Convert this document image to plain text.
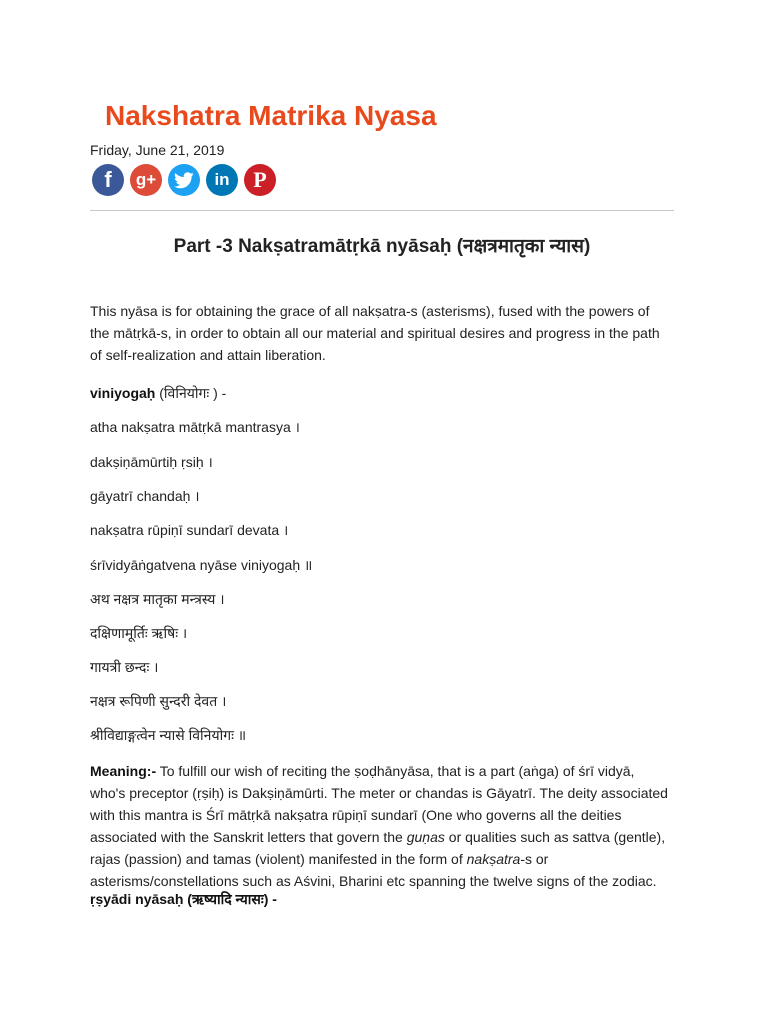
Nakshatra Matrika Nyasa
Friday, June 21, 2019
f g+	in P
Part -3 Nakṣatramātṛkā nyāsaḥ (नक्षत्रमातृका न्यास)

This nyāsa is for obtaining the grace of all nakṣatra-s (asterisms), fused with the powers of the mātṛkā-s, in order to obtain all our material and spiritual desires and progress in the path of self-realization and attain liberation.

viniyogaḥ (विनियोगः ) -
atha nakṣatra mātṛkā mantrasya ।
dakṣiṇāmūrtiḥ ṛsiḥ ।
gāyatrī chandaḥ ।
nakṣatra rūpiṇī sundarī devata ।
śrīvidyāṅgatvena nyāse viniyogaḥ ॥
अथ नक्षत्र मातृका मन्त्रस्य ।
दक्षिणामूर्तिः ऋषिः ।
गायत्री छन्दः ।
नक्षत्र रूपिणी सुन्दरी देवत ।
श्रीविद्याङ्गत्वेन न्यासे विनियोगः ॥

Meaning:- To fulfill our wish of reciting the ṣoḍhānyāsa, that is a part (aṅga) of śrī vidyā, who's preceptor (ṛṣiḥ) is Dakṣiṇāmūrti. The meter or chandas is Gāyatrī. The deity associated with this mantra is Śrī mātṛkā nakṣatra rūpiṇī sundarī (One who governs all the deities associated with the Sanskrit letters that govern the guṇas or qualities such as sattva (gentle), rajas (passion) and tamas (violent) manifested in the form of nakṣatra-s or asterisms/constellations such as Aśvini, Bharini etc spanning the twelve signs of the zodiac.

ṛṣyādi nyāsaḥ (ऋष्यादि न्यासः) -
